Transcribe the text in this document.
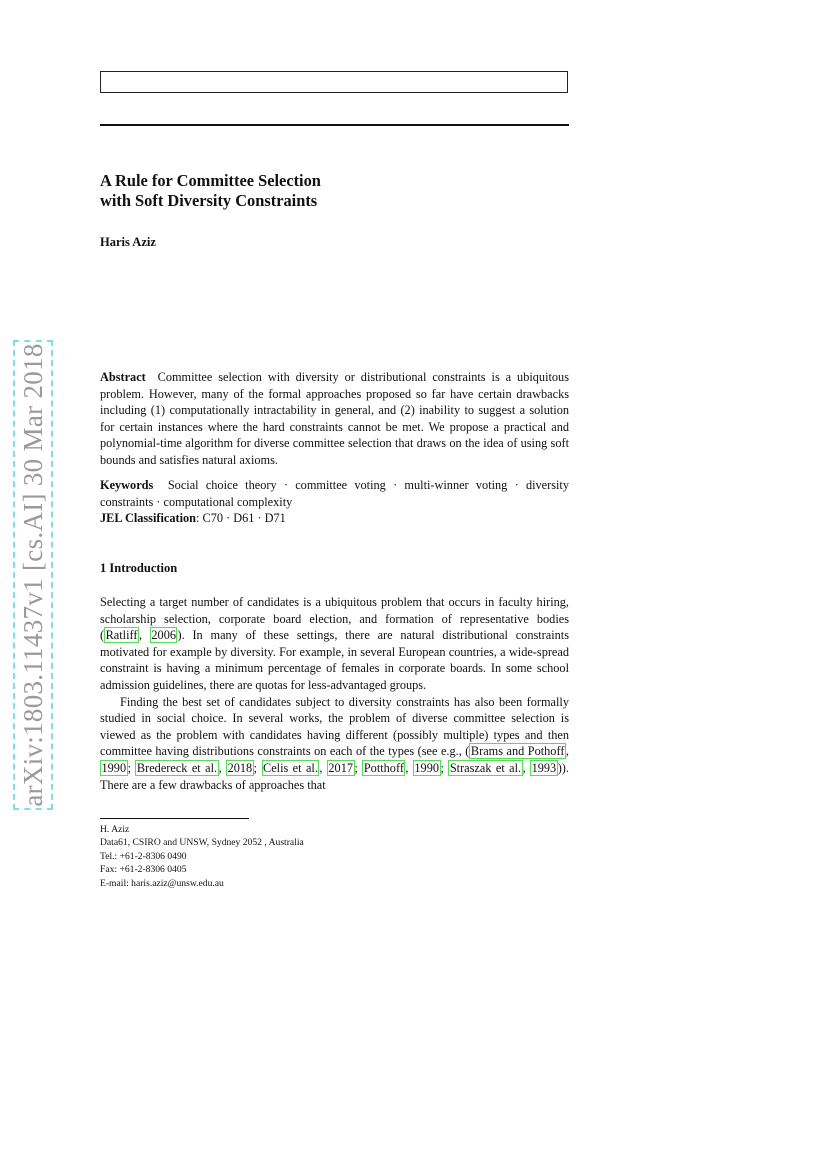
A Rule for Committee Selection
with Soft Diversity Constraints
Haris Aziz
arXiv:1803.11437v1 [cs.AI] 30 Mar 2018	Abstract Committee selection with diversity or distributional constraints is a ubiquitous problem. However, many of the formal approaches proposed so far have certain drawbacks including (1) computationally intractability in general, and (2) inability to suggest a solution for certain instances where the hard constraints cannot be met. We propose a practical and polynomial-time algorithm for diverse committee selection that draws on the idea of using soft bounds and satisfies natural axioms.
Keywords Social choice theory · committee voting · multi-winner voting · diversity constraints · computational complexity
JEL Classification: C70 · D61 · D71
1 Introduction

Selecting a target number of candidates is a ubiquitous problem that occurs in faculty hiring, scholarship selection, corporate board election, and formation of representative bodies ( Ratliff , 2006 ). In many of these settings, there are natural distributional constraints motivated for example by diversity. For example, in several European countries, a wide-spread constraint is having a minimum percentage of females in corporate boards. In some school admission guidelines, there are quotas for less-advantaged groups.

Finding the best set of candidates subject to diversity constraints has also been formally studied in social choice. In several works, the problem of diverse committee selection is viewed as the problem with candidates having different (possibly multiple) types and then committee having distributions constraints on each of the types (see e.g., ( Brams and Pothoff , 1990 ; Bredereck et al. , 2018 ; Celis et al. , 2017 ; Potthoff , 1990 ; Straszak et al. , 1993 )). There are a few drawbacks of approaches that

H. Aziz
Data61, CSIRO and UNSW, Sydney 2052 , Australia
Tel.: +61-2-8306 0490
Fax: +61-2-8306 0405
E-mail: haris.aziz@unsw.edu.au
